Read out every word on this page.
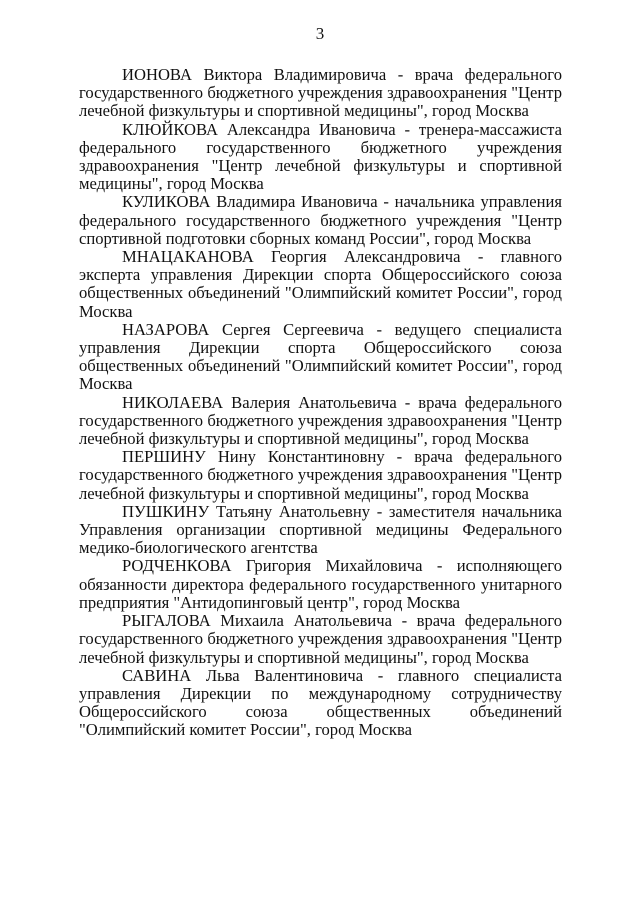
3

ИОНОВА Виктора Владимировича - врача федерального государственного бюджетного учреждения здравоохранения "Центр лечебной физкультуры и спортивной медицины", город Москва

КЛЮЙКОВА Александра Ивановича - тренера-массажиста федерального государственного бюджетного учреждения здравоохранения "Центр лечебной физкультуры и спортивной медицины", город Москва

КУЛИКОВА Владимира Ивановича - начальника управления федерального государственного бюджетного учреждения "Центр спортивной подготовки сборных команд России", город Москва

МНАЦАКАНОВА Георгия Александровича - главного эксперта управления Дирекции спорта Общероссийского союза общественных объединений "Олимпийский комитет России", город Москва

НАЗАРОВА Сергея Сергеевича - ведущего специалиста управления Дирекции спорта Общероссийского союза общественных объединений "Олимпийский комитет России", город Москва

НИКОЛАЕВА Валерия Анатольевича - врача федерального государственного бюджетного учреждения здравоохранения "Центр лечебной физкультуры и спортивной медицины", город Москва

ПЕРШИНУ Нину Константиновну - врача федерального государственного бюджетного учреждения здравоохранения "Центр лечебной физкультуры и спортивной медицины", город Москва

ПУШКИНУ Татьяну Анатольевну - заместителя начальника Управления организации спортивной медицины Федерального медико-биологического агентства

РОДЧЕНКОВА Григория Михайловича - исполняющего обязанности директора федерального государственного унитарного предприятия "Антидопинговый центр", город Москва

РЫГАЛОВА Михаила Анатольевича - врача федерального государственного бюджетного учреждения здравоохранения "Центр лечебной физкультуры и спортивной медицины", город Москва

САВИНА Льва Валентиновича - главного специалиста управления Дирекции по международному сотрудничеству Общероссийского союза общественных объединений "Олимпийский комитет России", город Москва
